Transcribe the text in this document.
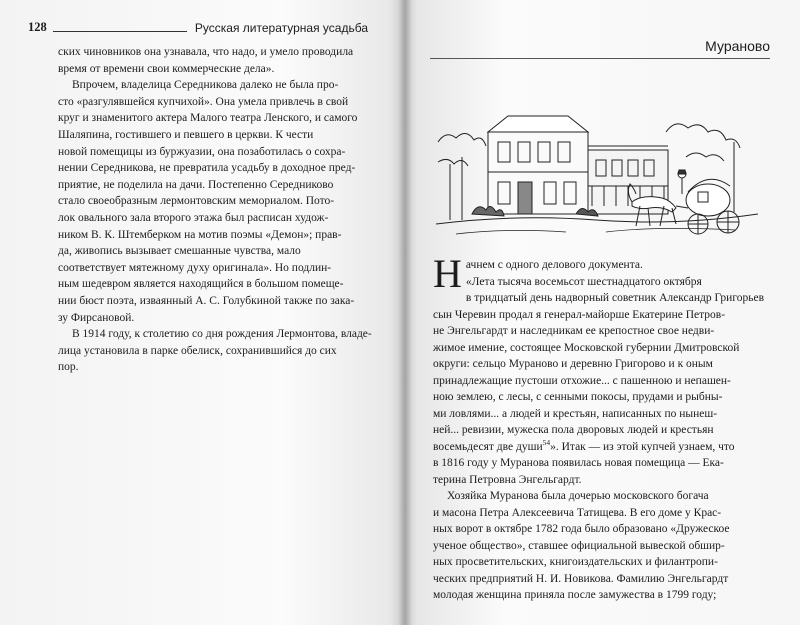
128	Русская литературная усадьба
ских чиновников она узнавала, что надо, и умело проводила
время от времени свои коммерческие дела».
Впрочем, владелица Середникова далеко не была про-
сто «разгулявшейся купчихой». Она умела привлечь в свой
круг и знаменитого актера Малого театра Ленского, и самого
Шаляпина, гостившего и певшего в церкви. К чести
новой помещицы из буржуазии, она позаботилась о сохра-
нении Середникова, не превратила усадьбу в доходное пред-
приятие, не поделила на дачи. Постепенно Середниково
стало своеобразным лермонтовским мемориалом. Пото-
лок овального зала второго этажа был расписан худож-
ником В. К. Штемберком на мотив поэмы «Демон»; прав-
да, живопись вызывает смешанные чувства, мало
соответствует мятежному духу оригинала». Но подлин-
ным шедевром является находящийся в большом помеще-
нии бюст поэта, изваянный А. С. Голубкиной также по зака-
зу Фирсановой.
В 1914 году, к столетию со дня рождения Лермонтова, владе-
лица установила в парке обелиск, сохранившийся до сих
пор.
Мураново
Н ачнем с одного делового документа.
«Лета тысяча восемьсот шестнадцатого октября
в тридцатый день надворный советник Александр Григорьев
сын Черевин продал я генерал-майорше Екатерине Петров-
не Энгельгардт и наследникам ее крепостное свое недви-
жимое имение, состоящее Московской губернии Дмитровской
округи: сельцо Мураново и деревню Григорово и к оным
принадлежащие пустоши отхожие... с пашенною и непашен-
ною землею, с лесы, с сенными покосы, прудами и рыбны-
ми ловлями... а людей и крестьян, написанных по нынеш-
ней... ревизии, мужеска пола дворовых людей и крестьян
восемьдесят две души$^{54}$». Итак — из этой купчей узнаем, что
в 1816 году у Муранова появилась новая помещица — Ека-
терина Петровна Энгельгардт.
Хозяйка Муранова была дочерью московского богача
и масона Петра Алексеевича Татищева. В его доме у Крас-
ных ворот в октябре 1782 года было образовано «Дружеское
ученое общество», ставшее официальной вывеской обшир-
ных просветительских, книгоиздательских и филантропи-
ческих предприятий Н. И. Новикова. Фамилию Энгельгардт
молодая женщина приняла после замужества в 1799 году;
